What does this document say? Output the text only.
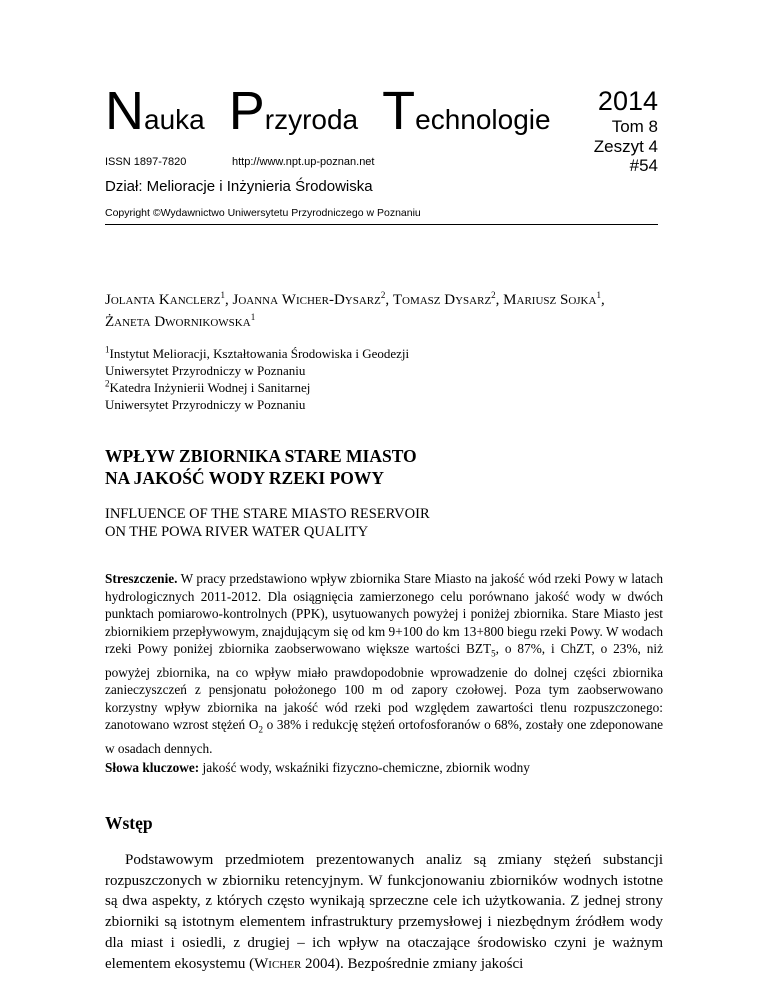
Nauka Przyroda Technologie
ISSN 1897-7820	http://www.npt.up-poznan.net
Dział: Melioracje i Inżynieria Środowiska
Copyright ©Wydawnictwo Uniwersytetu Przyrodniczego w Poznaniu
2014
Tom 8
Zeszyt 4
#54
Jolanta Kanclerz$^1$, Joanna Wicher-Dysarz$^2$, Tomasz Dysarz$^2$, Mariusz Sojka$^1$,
Żaneta Dwornikowska$^1$
$^1$Instytut Melioracji, Kształtowania Środowiska i Geodezji
Uniwersytet Przyrodniczy w Poznaniu
$^2$Katedra Inżynierii Wodnej i Sanitarnej
Uniwersytet Przyrodniczy w Poznaniu
WPŁYW ZBIORNIKA STARE MIASTO
NA JAKOŚĆ WODY RZEKI POWY
INFLUENCE OF THE STARE MIASTO RESERVOIR
ON THE POWA RIVER WATER QUALITY
Streszczenie. W pracy przedstawiono wpływ zbiornika Stare Miasto na jakość wód rzeki Powy w latach hydrologicznych 2011-2012. Dla osiągnięcia zamierzonego celu porównano jakość wody w dwóch punktach pomiarowo-kontrolnych (PPK), usytuowanych powyżej i poniżej zbiornika. Stare Miasto jest zbiornikiem przepływowym, znajdującym się od km 9+100 do km 13+800 biegu rzeki Powy. W wodach rzeki Powy poniżej zbiornika zaobserwowano większe wartości $BZT_5$, o 87%, i ChZT, o 23%, niż powyżej zbiornika, na co wpływ miało prawdopodobnie wprowadzenie do dolnej części zbiornika zanieczyszczeń z pensjonatu położonego 100 m od zapory czołowej. Poza tym zaobserwowano korzystny wpływ zbiornika na jakość wód rzeki pod względem zawartości tlenu rozpuszczonego: zanotowano wzrost stężeń $O_2$ o 38% i redukcję stężeń ortofosforanów o 68%, zostały one zdeponowane w osadach dennych.
Słowa kluczowe: jakość wody, wskaźniki fizyczno-chemiczne, zbiornik wodny
Wstęp
Podstawowym przedmiotem prezentowanych analiz są zmiany stężeń substancji rozpuszczonych w zbiorniku retencyjnym. W funkcjonowaniu zbiorników wodnych istotne są dwa aspekty, z których często wynikają sprzeczne cele ich użytkowania. Z jednej strony zbiorniki są istotnym elementem infrastruktury przemysłowej i niezbędnym źródłem wody dla miast i osiedli, z drugiej – ich wpływ na otaczające środowisko czyni je ważnym elementem ekosystemu (Wicher 2004). Bezpośrednie zmiany jakości
